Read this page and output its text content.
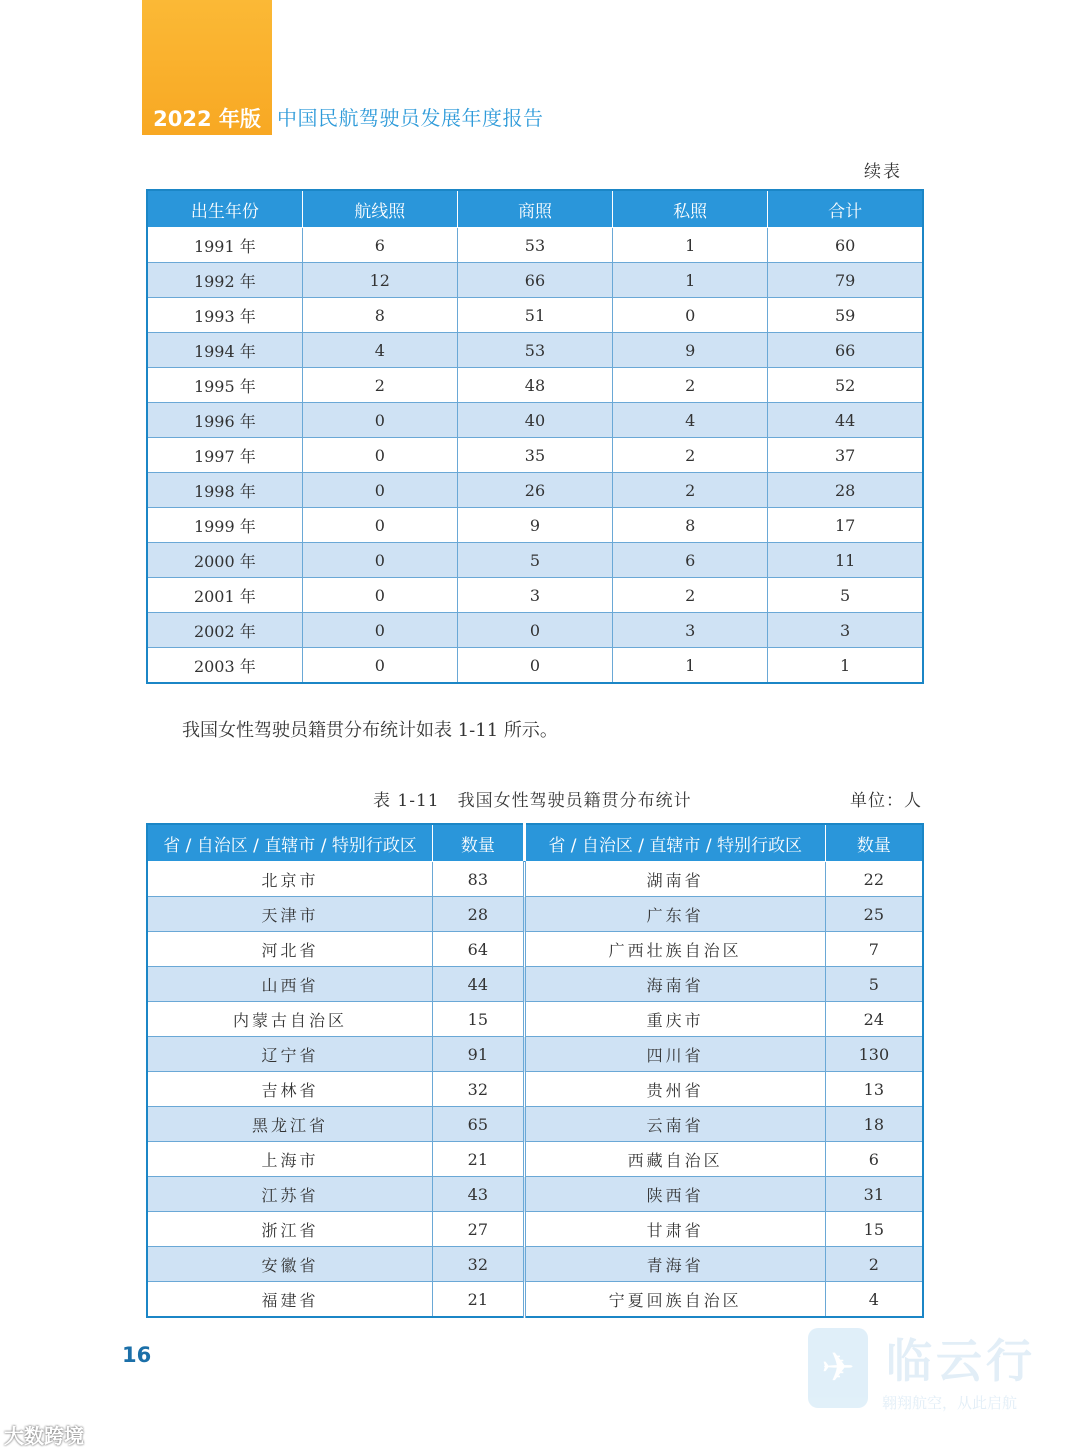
2022 年版 中国民航驾驶员发展年度报告
续表
出生年份	航线照	商照	私照	合计
1991 年	6	53	1	60
1992 年	12	66	1	79
1993 年	8	51	0	59
1994 年	4	53	9	66
1995 年	2	48	2	52
1996 年	0	40	4	44
1997 年	0	35	2	37
1998 年	0	26	2	28
1999 年	0	9	8	17
2000 年	0	5	6	11
2001 年	0	3	2	5
2002 年	0	0	3	3
2003 年	0	0	1	1
我国女性驾驶员籍贯分布统计如表 1-11 所示。
表 1-11　我国女性驾驶员籍贯分布统计	单位：人
省 / 自治区 / 直辖市 / 特别行政区	数量	省 / 自治区 / 直辖市 / 特别行政区	数量
北京市	83	湖南省	22
天津市	28	广东省	25
河北省	64	广西壮族自治区	7
山西省	44	海南省	5
内蒙古自治区	15	重庆市	24
辽宁省	91	四川省	130
吉林省	32	贵州省	13
黑龙江省	65	云南省	18
上海市	21	西藏自治区	6
江苏省	43	陕西省	31
浙江省	27	甘肃省	15
安徽省	32	青海省	2
福建省	21	宁夏回族自治区	4
16	✈ 临云行
翱翔航空，从此启航
大数跨境
